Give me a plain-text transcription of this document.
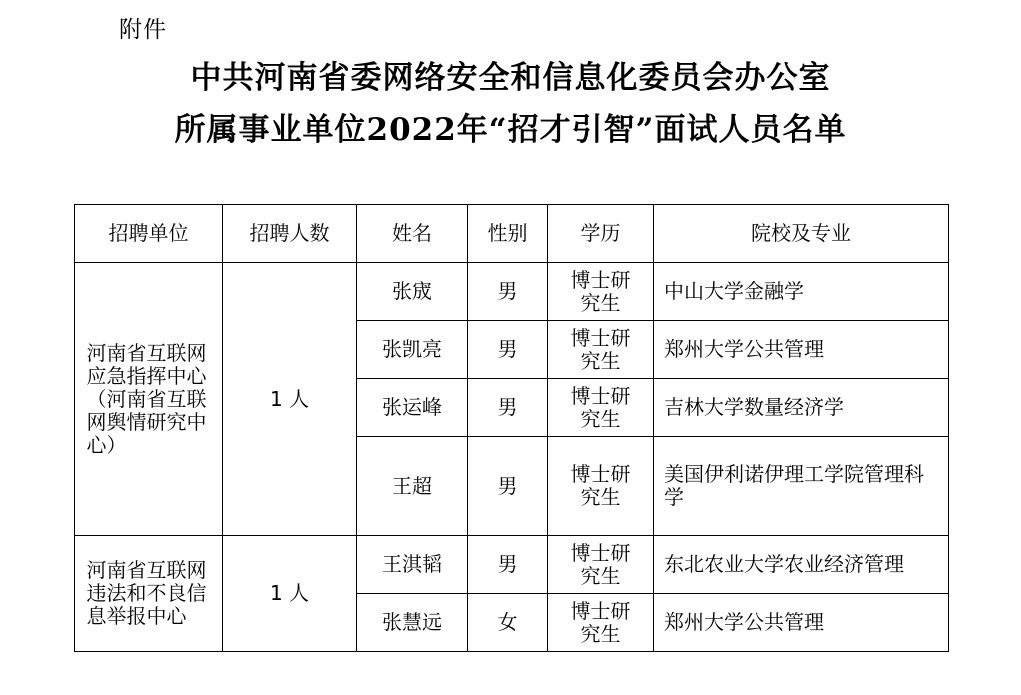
附件
中共河南省委网络安全和信息化委员会办公室
所属事业单位2022年“招才引智”面试人员名单
招聘单位	招聘人数	姓名	性别	学历	院校及专业

河南省互联网应急指挥中心（河南省互联网舆情研究中心）	1 人	张宬	男	博士研究生	中山大学金融学
		张凯亮	男	博士研究生	郑州大学公共管理
		张运峰	男	博士研究生	吉林大学数量经济学
		王超	男	博士研究生	美国伊利诺伊理工学院管理科学

河南省互联网违法和不良信息举报中心	1 人	王淇韬	男	博士研究生	东北农业大学农业经济管理
		张慧远	女	博士研究生	郑州大学公共管理
